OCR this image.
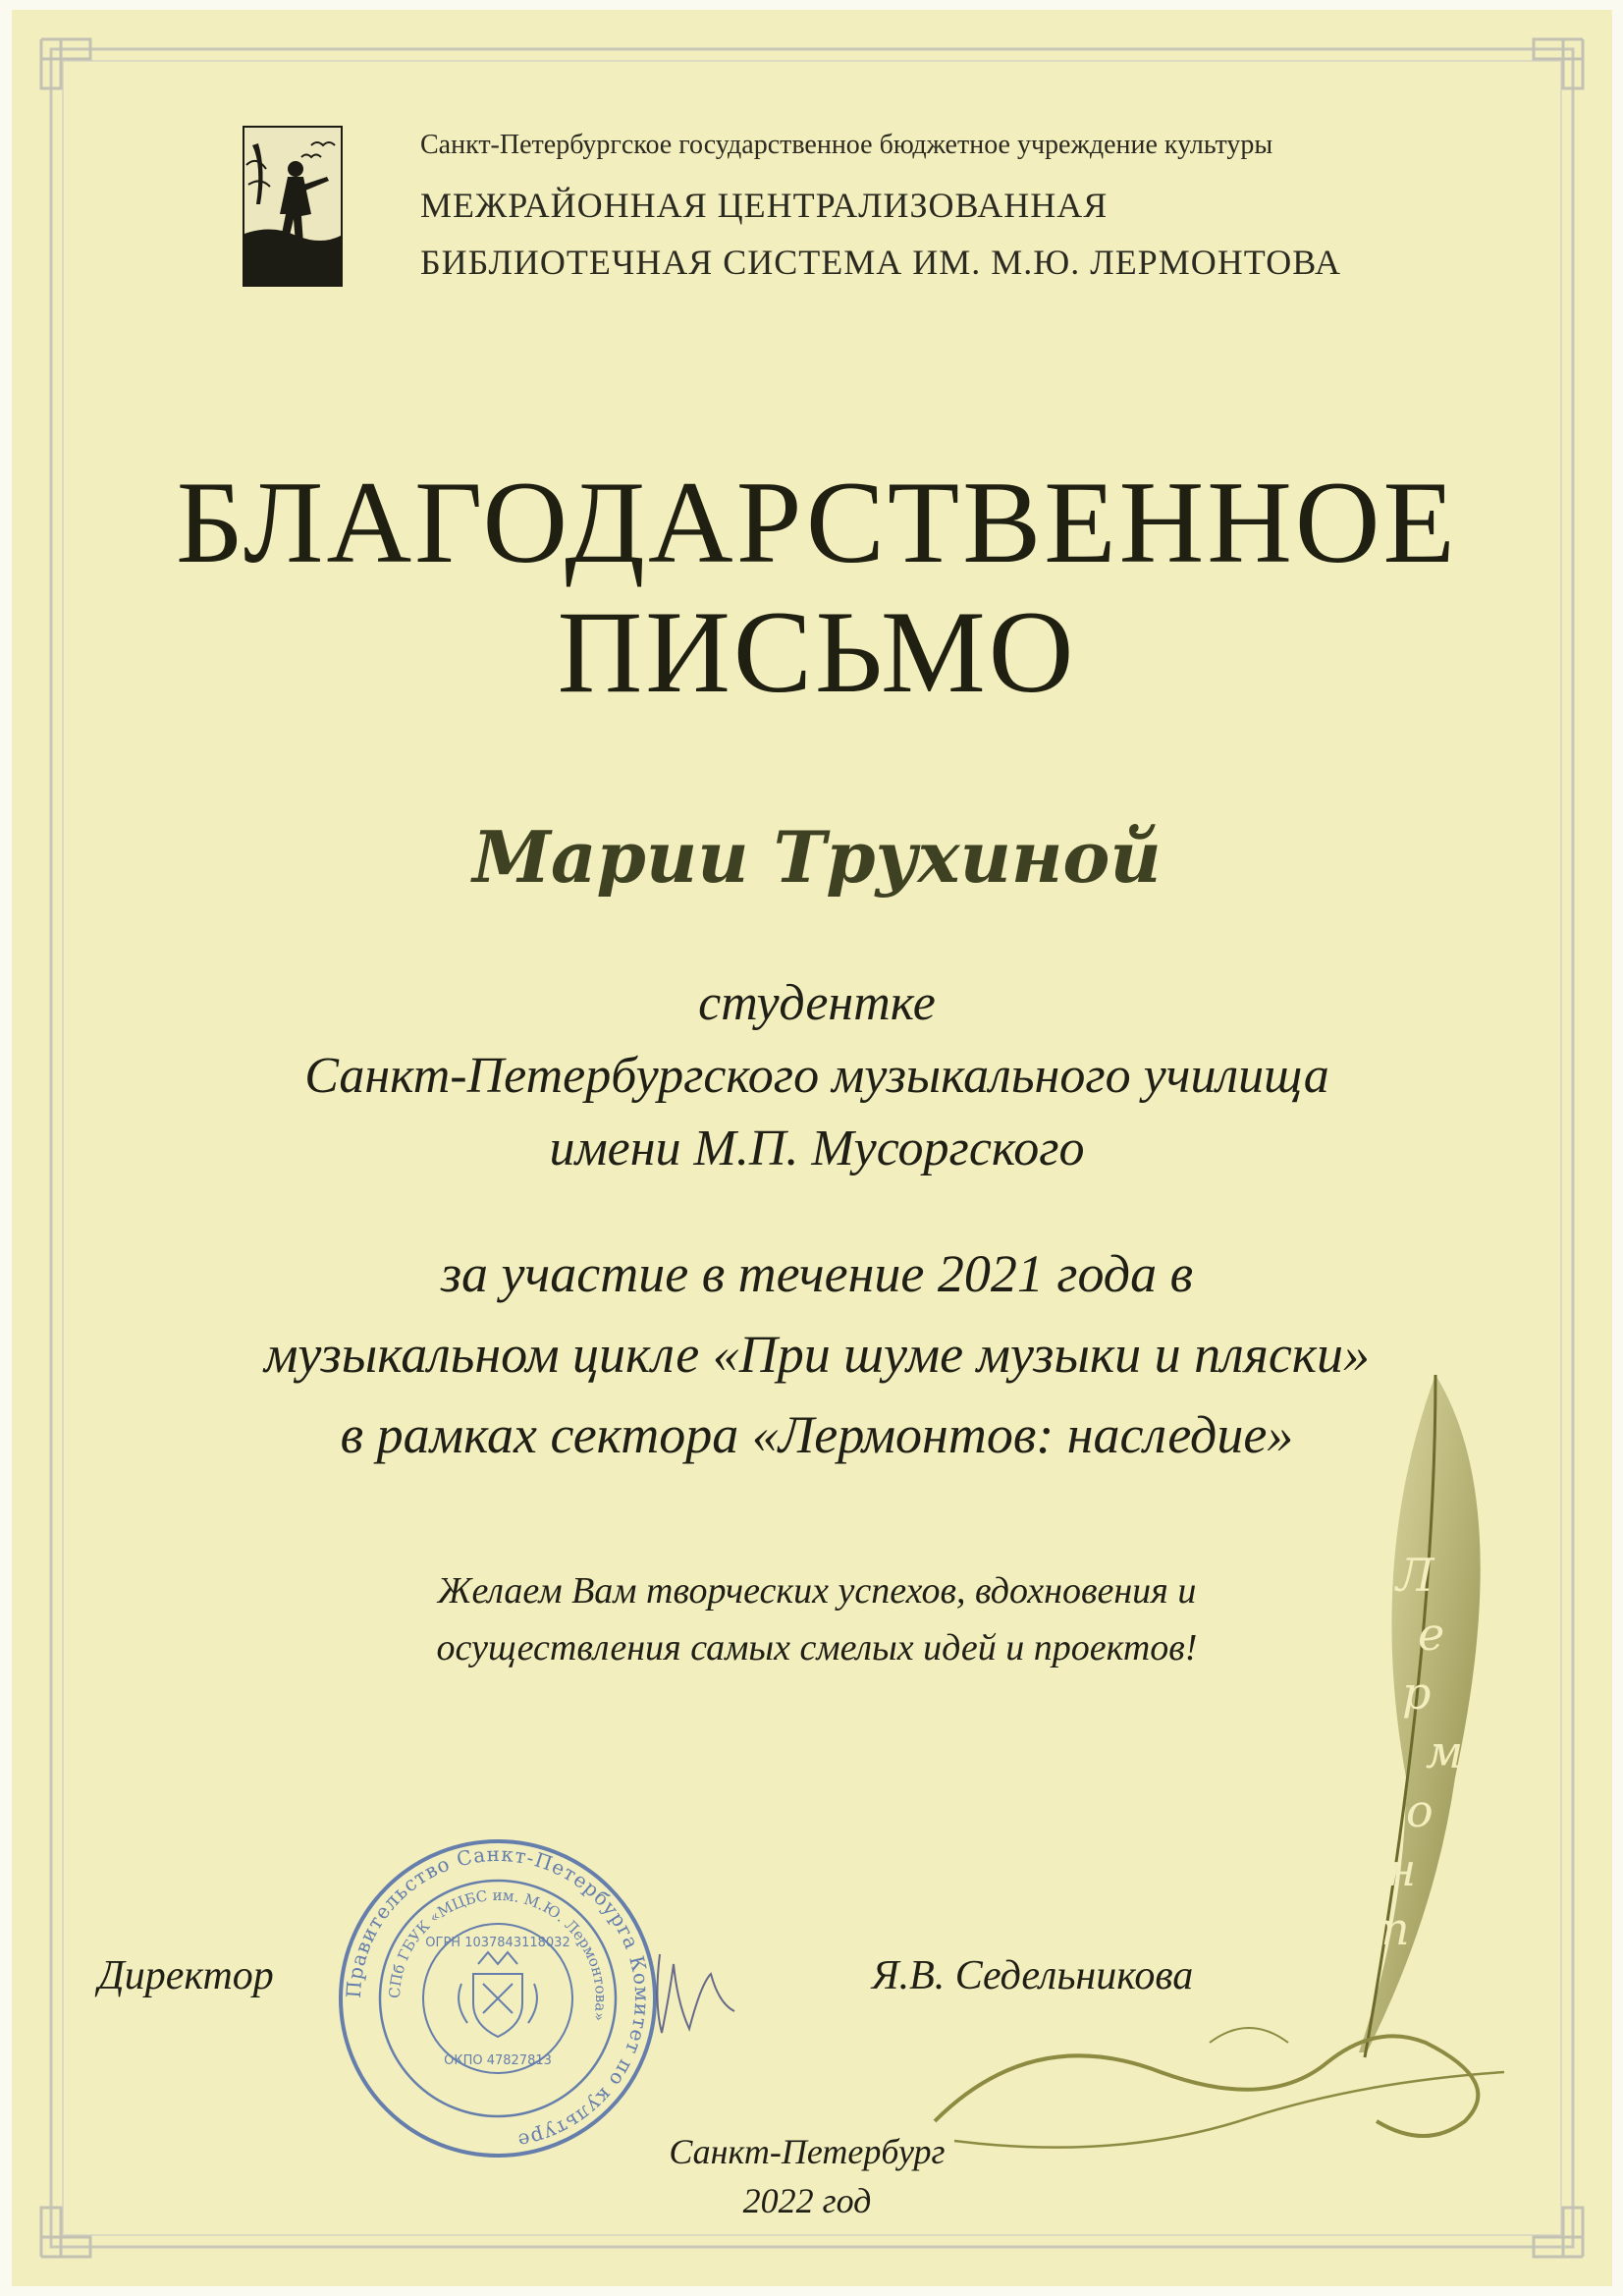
Санкт-Петербургское государственное бюджетное учреждение культуры
МЕЖРАЙОННАЯ ЦЕНТРАЛИЗОВАННАЯ
БИБЛИОТЕЧНАЯ СИСТЕМА ИМ. М.Ю. ЛЕРМОНТОВА
БЛАГОДАРСТВЕННОЕ
ПИСЬМО
Марии Трухиной
студентке
Санкт-Петербургского музыкального училища
имени М.П. Мусоргского
за участие в течение 2021 года в
музыкальном цикле «При шуме музыки и пляски»
в рамках сектора «Лермонтов: наследие»
Желаем Вам творческих успехов, вдохновения и
осуществления самых смелых идей и проектов!
Л
е
р
м
о
н
т
Правительство Санкт-Петербурга Комитет по культуре
СПб ГБУК «МЦБС им. М.Ю. Лермонтова»
ОГРН 1037843118032
ОКПО 47827813
Директор	Я.В. Седельникова
Санкт-Петербург
2022 год
